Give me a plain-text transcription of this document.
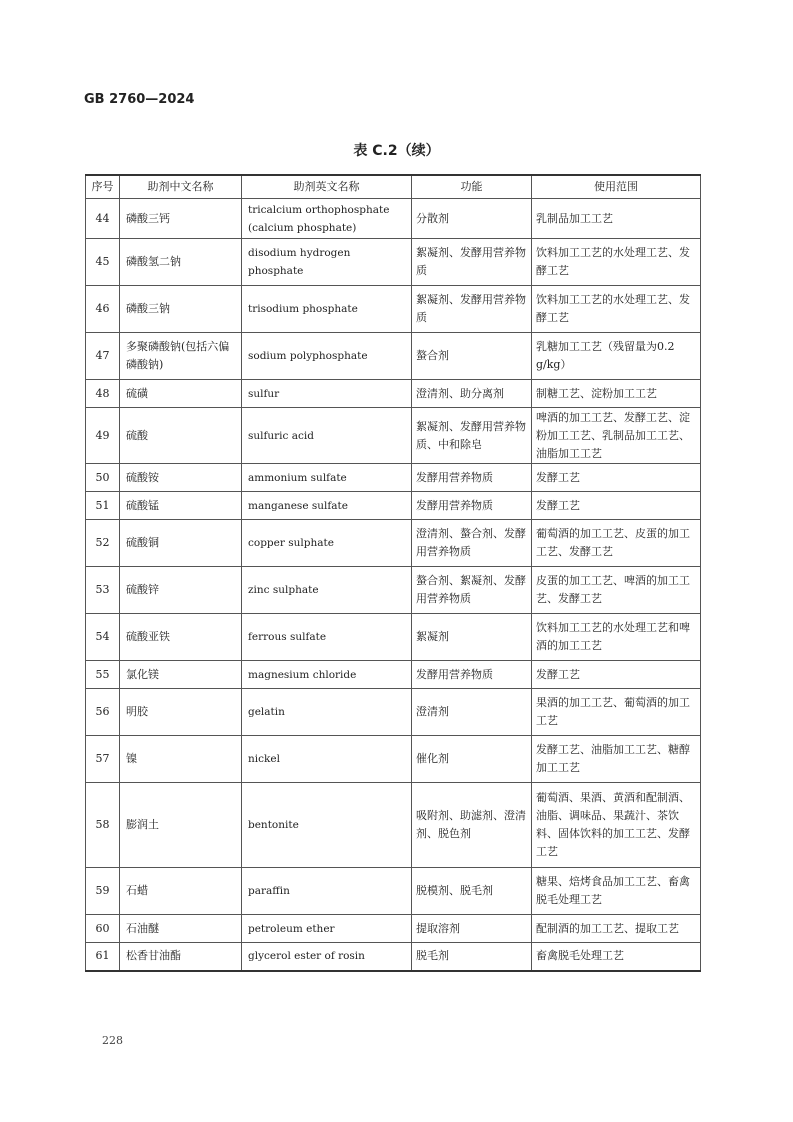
GB 2760—2024
表 C.2（续）
序号	助剂中文名称	助剂英文名称	功能	使用范围
44	磷酸三钙	tricalcium orthophosphate (calcium phosphate)	分散剂	乳制品加工工艺
45	磷酸氢二钠	disodium hydrogen phosphate	絮凝剂、发酵用营养物质	饮料加工工艺的水处理工艺、发酵工艺
46	磷酸三钠	trisodium phosphate	絮凝剂、发酵用营养物质	饮料加工工艺的水处理工艺、发酵工艺
47	多聚磷酸钠(包括六偏磷酸钠)	sodium polyphosphate	螯合剂	乳糖加工工艺（残留量为0.2 g/kg）
48	硫磺	sulfur	澄清剂、助分离剂	制糖工艺、淀粉加工工艺
49	硫酸	sulfuric acid	絮凝剂、发酵用营养物质、中和除皂	啤酒的加工工艺、发酵工艺、淀粉加工工艺、乳制品加工工艺、油脂加工工艺
50	硫酸铵	ammonium sulfate	发酵用营养物质	发酵工艺
51	硫酸锰	manganese sulfate	发酵用营养物质	发酵工艺
52	硫酸铜	copper sulphate	澄清剂、螯合剂、发酵用营养物质	葡萄酒的加工工艺、皮蛋的加工工艺、发酵工艺
53	硫酸锌	zinc sulphate	螯合剂、絮凝剂、发酵用营养物质	皮蛋的加工工艺、啤酒的加工工艺、发酵工艺
54	硫酸亚铁	ferrous sulfate	絮凝剂	饮料加工工艺的水处理工艺和啤酒的加工工艺
55	氯化镁	magnesium chloride	发酵用营养物质	发酵工艺
56	明胶	gelatin	澄清剂	果酒的加工工艺、葡萄酒的加工工艺
57	镍	nickel	催化剂	发酵工艺、油脂加工工艺、糖醇加工工艺
58	膨润土	bentonite	吸附剂、助滤剂、澄清剂、脱色剂	葡萄酒、果酒、黄酒和配制酒、油脂、调味品、果蔬汁、茶饮料、固体饮料的加工工艺、发酵工艺
59	石蜡	paraffin	脱模剂、脱毛剂	糖果、焙烤食品加工工艺、畜禽脱毛处理工艺
60	石油醚	petroleum ether	提取溶剂	配制酒的加工工艺、提取工艺
61	松香甘油酯	glycerol ester of rosin	脱毛剂	畜禽脱毛处理工艺
228
